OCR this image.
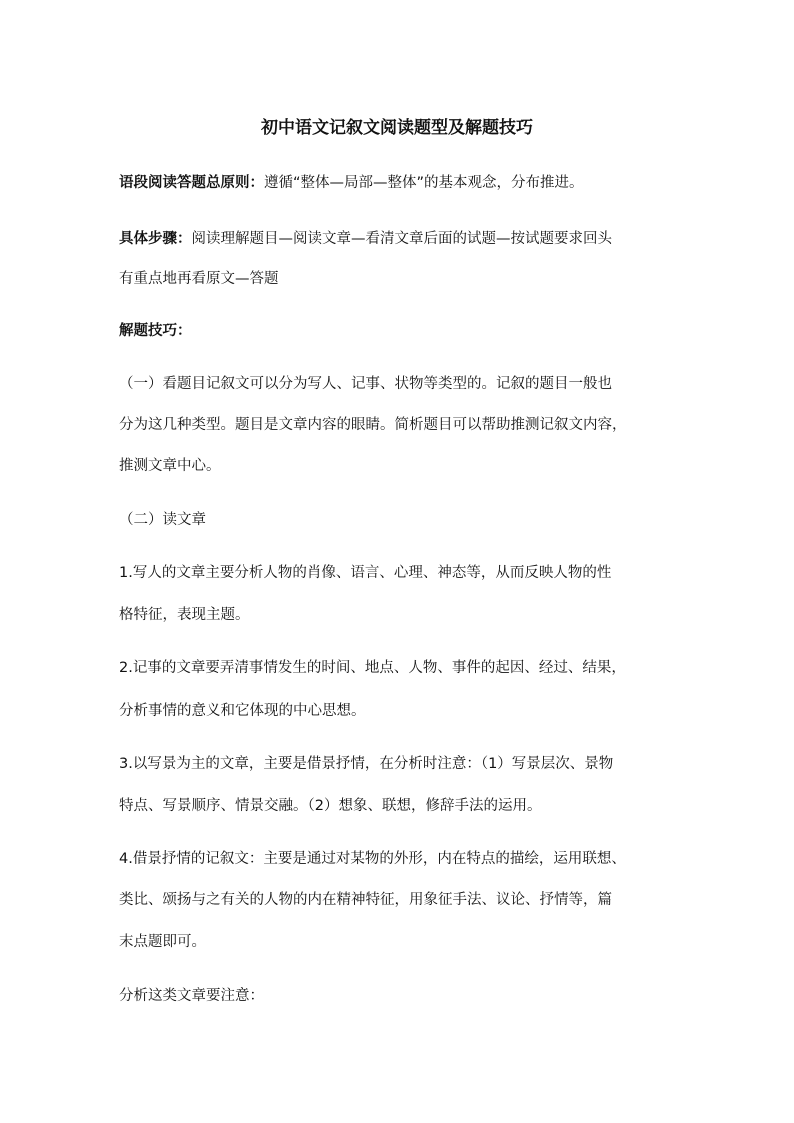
初中语文记叙文阅读题型及解题技巧
语段阅读答题总原则：遵循“整体—局部—整体”的基本观念，分布推进。
具体步骤：阅读理解题目—阅读文章—看清文章后面的试题—按试题要求回头
有重点地再看原文—答题
解题技巧：
（一）看题目记叙文可以分为写人、记事、状物等类型的。记叙的题目一般也
分为这几种类型。题目是文章内容的眼睛。简析题目可以帮助推测记叙文内容，
推测文章中心。
（二）读文章
1.写人的文章主要分析人物的肖像、语言、心理、神态等，从而反映人物的性
格特征，表现主题。
2.记事的文章要弄清事情发生的时间、地点、人物、事件的起因、经过、结果，
分析事情的意义和它体现的中心思想。
3.以写景为主的文章，主要是借景抒情，在分析时注意：（1）写景层次、景物
特点、写景顺序、情景交融。（2）想象、联想，修辞手法的运用。
4.借景抒情的记叙文：主要是通过对某物的外形，内在特点的描绘，运用联想、
类比、颂扬与之有关的人物的内在精神特征，用象征手法、议论、抒情等，篇
末点题即可。
分析这类文章要注意：
